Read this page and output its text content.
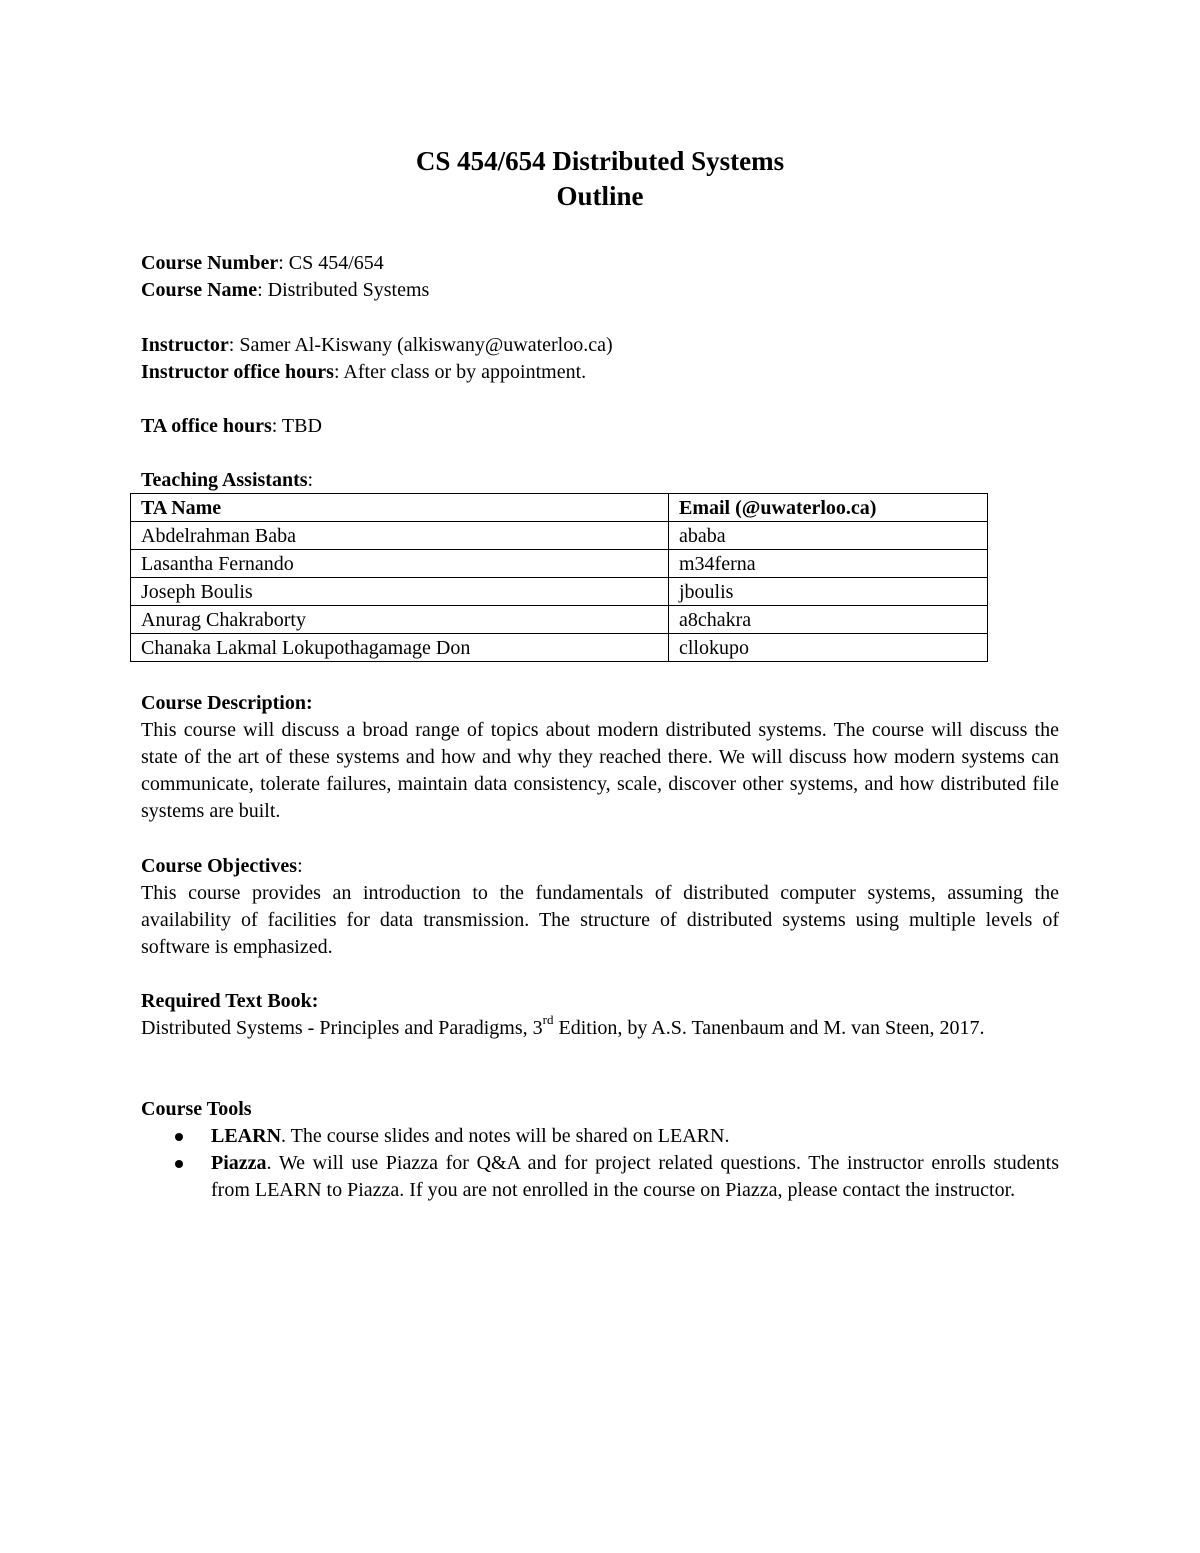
CS 454/654 Distributed Systems
Outline
Course Number: CS 454/654
Course Name: Distributed Systems
Instructor: Samer Al-Kiswany (alkiswany@uwaterloo.ca)
Instructor office hours: After class or by appointment.
TA office hours: TBD
Teaching Assistants:
TA Name	Email (@uwaterloo.ca)
Abdelrahman Baba	ababa
Lasantha Fernando	m34ferna
Joseph Boulis	jboulis
Anurag Chakraborty	a8chakra
Chanaka Lakmal Lokupothagamage Don	cllokupo
Course Description:
This course will discuss a broad range of topics about modern distributed systems. The course will discuss the state of the art of these systems and how and why they reached there. We will discuss how modern systems can communicate, tolerate failures, maintain data consistency, scale, discover other systems, and how distributed file systems are built.
Course Objectives:
This course provides an introduction to the fundamentals of distributed computer systems, assuming the availability of facilities for data transmission. The structure of distributed systems using multiple levels of software is emphasized.
Required Text Book:
Distributed Systems - Principles and Paradigms, 3rd Edition, by A.S. Tanenbaum and M. van Steen, 2017.
Course Tools
LEARN. The course slides and notes will be shared on LEARN.
Piazza. We will use Piazza for Q&A and for project related questions. The instructor enrolls students from LEARN to Piazza. If you are not enrolled in the course on Piazza, please contact the instructor.
